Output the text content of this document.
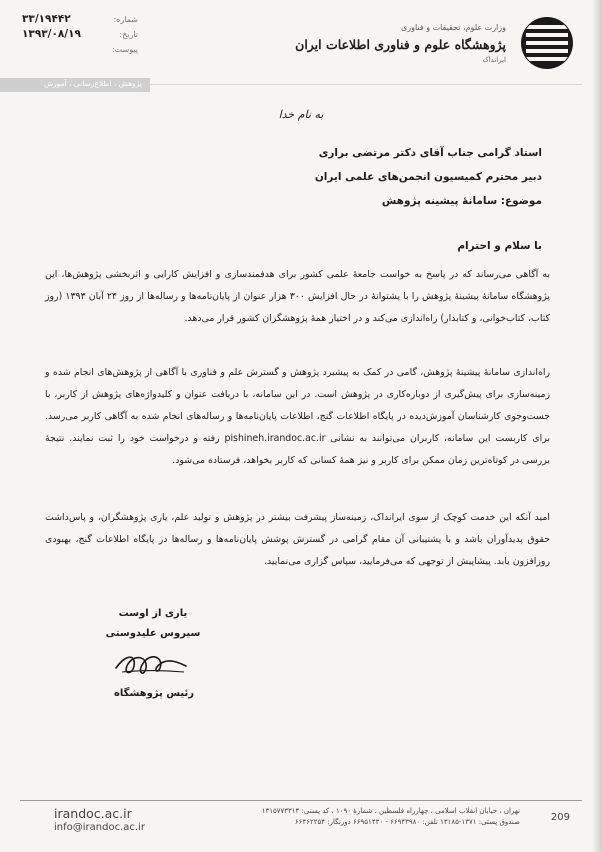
۳۳/۱۹۴۴۲
۱۳۹۳/۰۸/۱۹

شماره:
تاریخ:
پیوست:
وزارت علوم، تحقیقات و فناوری
پژوهشگاه علوم و فناوری اطلاعات ایران
ایرانداک
پژوهش ، اطلاع‌رسانی ، آموزش
به نام خدا
استاد گرامی جناب آقای دکتر مرتضی براری
دبیر محترم کمیسیون انجمن‌های علمی ایران
موضوع: سامانهٔ پیشینه پژوهش
با سلام و احترام
به آگاهی می‌رساند که در پاسخ به خواست جامعهٔ علمی کشور برای هدفمندسازی و افزایش کارایی و اثربخشی پژوهش‌ها، این پژوهشگاه سامانهٔ پیشینهٔ پژوهش را با پشتوانهٔ در حال افزایش ۳۰۰ هزار عنوان از پایان‌نامه‌ها و رساله‌ها از روز ۲۴ آبان ۱۳۹۳ (روز کتاب، کتاب‌خوانی، و کتابدار) راه‌اندازی می‌کند و در اختیار همهٔ پژوهشگران کشور قرار می‌دهد.
راه‌اندازی سامانهٔ پیشینهٔ پژوهش، گامی در کمک به پیشبرد پژوهش و گسترش علم و فناوری با آگاهی از پژوهش‌های انجام شده و زمینه‌سازی برای پیش‌گیری از دوباره‌کاری در پژوهش است. در این سامانه، با دریافت عنوان و کلیدواژه‌های پژوهش از کاربر، با جست‌وجوی کارشناسان آموزش‌دیده در پایگاه اطلاعات گنج، اطلاعات پایان‌نامه‌ها و رساله‌های انجام شده به آگاهی کاربر می‌رسد. برای کاربست این سامانه، کاربران می‌توانند به نشانی pishineh.irandoc.ac.ir رفته و درخواست خود را ثبت نمایند. نتیجهٔ بررسی در کوتاه‌ترین زمان ممکن برای کاربر و نیز همهٔ کسانی که کاربر بخواهد، فرستاده می‌شود.
امید آنکه این خدمت کوچک از سوی ایرانداک، زمینه‌ساز پیشرفت بیشتر در پژوهش و تولید علم، یاری پژوهشگران، و پاس‌داشت حقوق پدیدآوران باشد و با پشتیبانی آن مقام گرامی در گسترش پوشش پایان‌نامه‌ها و رساله‌ها در پایگاه اطلاعات گنج، بهبودی روزافزون یابد. پیشاپیش از توجهی که می‌فرمایید، سپاس گزاری می‌نمایید.
یاری از اوست
سیروس علیدوستی
رئیس پژوهشگاه
irandoc.ac.ir
info@irandoc.ac.ir
تهران ، خیابان انقلاب اسلامی ، چهارراه فلسطین ، شمارهٔ ۱۰۹۰ ، کد پستی: ۱۳۱۵۷۷۳۳۱۴
صندوق پستی: ۱۳۷۱-۱۳۱۸۵ تلفن: ۶۶۹۴۳۹۸۰ - ۶۶۹۵۱۴۳۰ دورنگار: ۶۶۴۶۲۲۵۴	209
